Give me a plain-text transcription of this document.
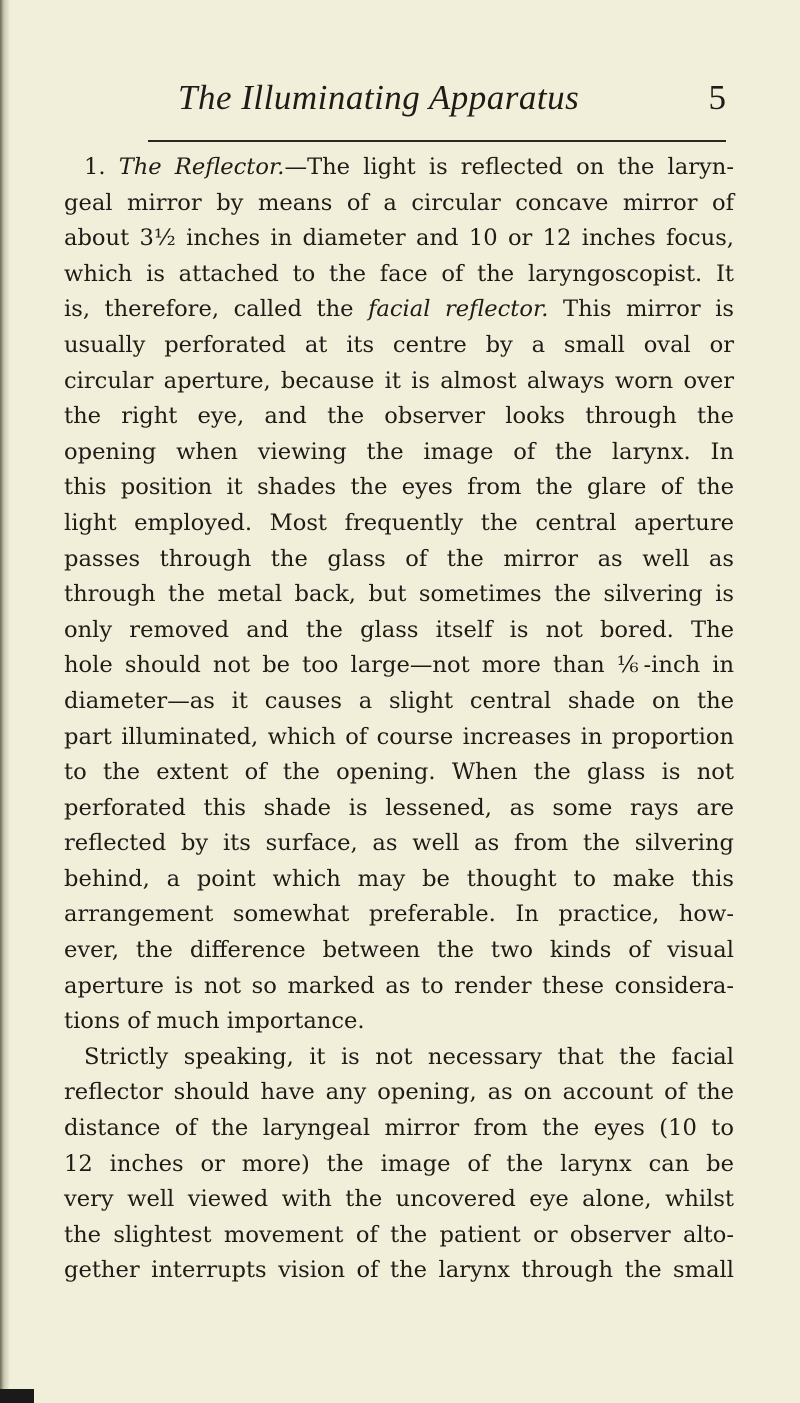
The Illuminating Apparatus	5
1. The Reflector.—The light is reflected on the laryn-
geal mirror by means of a circular concave mirror of
about 3½ inches in diameter and 10 or 12 inches focus,
which is attached to the face of the laryngoscopist. It
is, therefore, called the facial reflector. This mirror is
usually perforated at its centre by a small oval or
circular aperture, because it is almost always worn over
the right eye, and the observer looks through the
opening when viewing the image of the larynx. In
this position it shades the eyes from the glare of the
light employed. Most frequently the central aperture
passes through the glass of the mirror as well as
through the metal back, but sometimes the silvering is
only removed and the glass itself is not bored. The
hole should not be too large—not more than ⅙-inch in
diameter—as it causes a slight central shade on the
part illuminated, which of course increases in proportion
to the extent of the opening. When the glass is not
perforated this shade is lessened, as some rays are
reflected by its surface, as well as from the silvering
behind, a point which may be thought to make this
arrangement somewhat preferable. In practice, how-
ever, the difference between the two kinds of visual
aperture is not so marked as to render these considera-
tions of much importance.
Strictly speaking, it is not necessary that the facial
reflector should have any opening, as on account of the
distance of the laryngeal mirror from the eyes (10 to
12 inches or more) the image of the larynx can be
very well viewed with the uncovered eye alone, whilst
the slightest movement of the patient or observer alto-
gether interrupts vision of the larynx through the small
